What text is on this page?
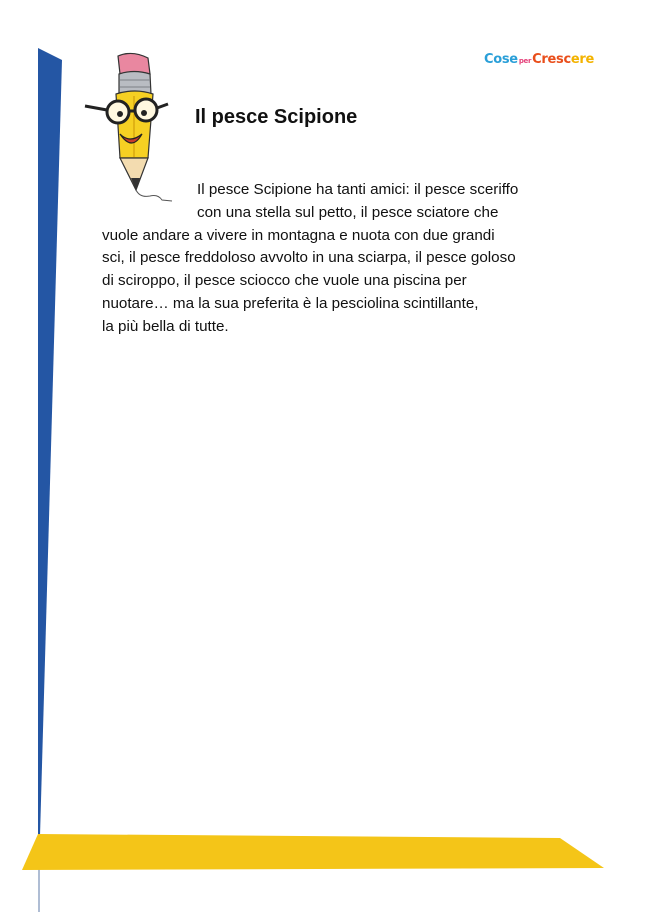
CoseperCrescere
Il pesce Scipione

Il pesce Scipione ha tanti amici: il pesce sceriffo
con una stella sul petto, il pesce sciatore che
vuole andare a vivere in montagna e nuota con due grandi
sci, il pesce freddoloso avvolto in una sciarpa, il pesce goloso
di sciroppo, il pesce sciocco che vuole una piscina per
nuotare… ma la sua preferita è la pesciolina scintillante,
la più bella di tutte.
